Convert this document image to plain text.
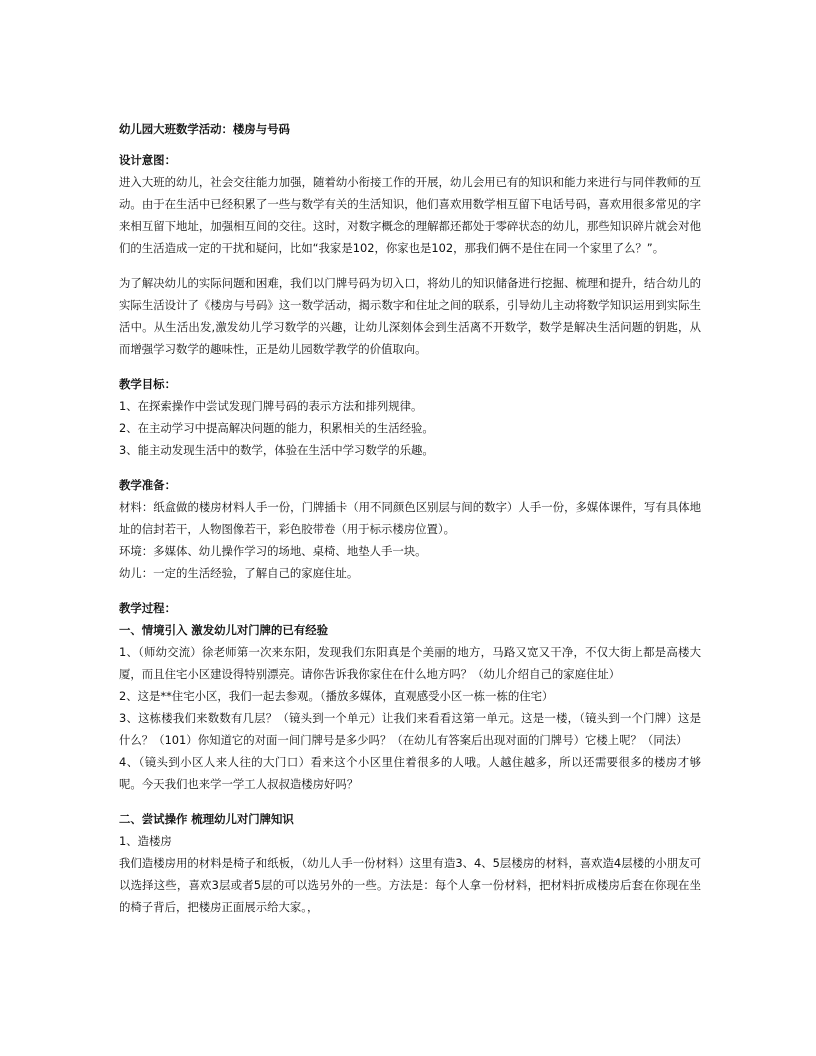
幼儿园大班数学活动：楼房与号码

设计意图：

进入大班的幼儿，社会交往能力加强，随着幼小衔接工作的开展，幼儿会用已有的知识和能力来进行与同伴教师的互动。由于在生活中已经积累了一些与数学有关的生活知识，他们喜欢用数学相互留下电话号码，喜欢用很多常见的字来相互留下地址，加强相互间的交往。这时，对数字概念的理解都还都处于零碎状态的幼儿，那些知识碎片就会对他们的生活造成一定的干扰和疑问，比如“我家是102，你家也是102，那我们俩不是住在同一个家里了么？”。

为了解决幼儿的实际问题和困难，我们以门牌号码为切入口，将幼儿的知识储备进行挖掘、梳理和提升，结合幼儿的实际生活设计了《楼房与号码》这一数学活动，揭示数字和住址之间的联系，引导幼儿主动将数学知识运用到实际生活中。从生活出发,激发幼儿学习数学的兴趣，让幼儿深刻体会到生活离不开数学，数学是解决生活问题的钥匙，从而增强学习数学的趣味性，正是幼儿园数学教学的价值取向。

教学目标：

1、在探索操作中尝试发现门牌号码的表示方法和排列规律。

2、在主动学习中提高解决问题的能力，积累相关的生活经验。

3、能主动发现生活中的数学，体验在生活中学习数学的乐趣。

教学准备：

材料：纸盒做的楼房材料人手一份，门牌插卡（用不同颜色区别层与间的数字）人手一份，多媒体课件，写有具体地址的信封若干，人物图像若干，彩色胶带卷（用于标示楼房位置）。

环境：多媒体、幼儿操作学习的场地、桌椅、地垫人手一块。

幼儿：一定的生活经验，了解自己的家庭住址。

教学过程：

一、情境引入 激发幼儿对门牌的已有经验

1、（师幼交流）徐老师第一次来东阳，发现我们东阳真是个美丽的地方，马路又宽又干净，不仅大街上都是高楼大厦，而且住宅小区建设得特别漂亮。请你告诉我你家住在什么地方吗？（幼儿介绍自己的家庭住址）

2、这是**住宅小区，我们一起去参观。（播放多媒体，直观感受小区一栋一栋的住宅）

3、这栋楼我们来数数有几层？（镜头到一个单元）让我们来看看这第一单元。这是一楼，（镜头到一个门牌）这是什么？（101）你知道它的对面一间门牌号是多少吗？（在幼儿有答案后出现对面的门牌号）它楼上呢？（同法）

4、（镜头到小区人来人往的大门口）看来这个小区里住着很多的人哦。人越住越多，所以还需要很多的楼房才够呢。今天我们也来学一学工人叔叔造楼房好吗？

二、尝试操作 梳理幼儿对门牌知识

1、造楼房

我们造楼房用的材料是椅子和纸板，（幼儿人手一份材料）这里有造3、4、5层楼房的材料，喜欢造4层楼的小朋友可以选择这些，喜欢3层或者5层的可以选另外的一些。方法是：每个人拿一份材料，把材料折成楼房后套在你现在坐的椅子背后，把楼房正面展示给大家。，
